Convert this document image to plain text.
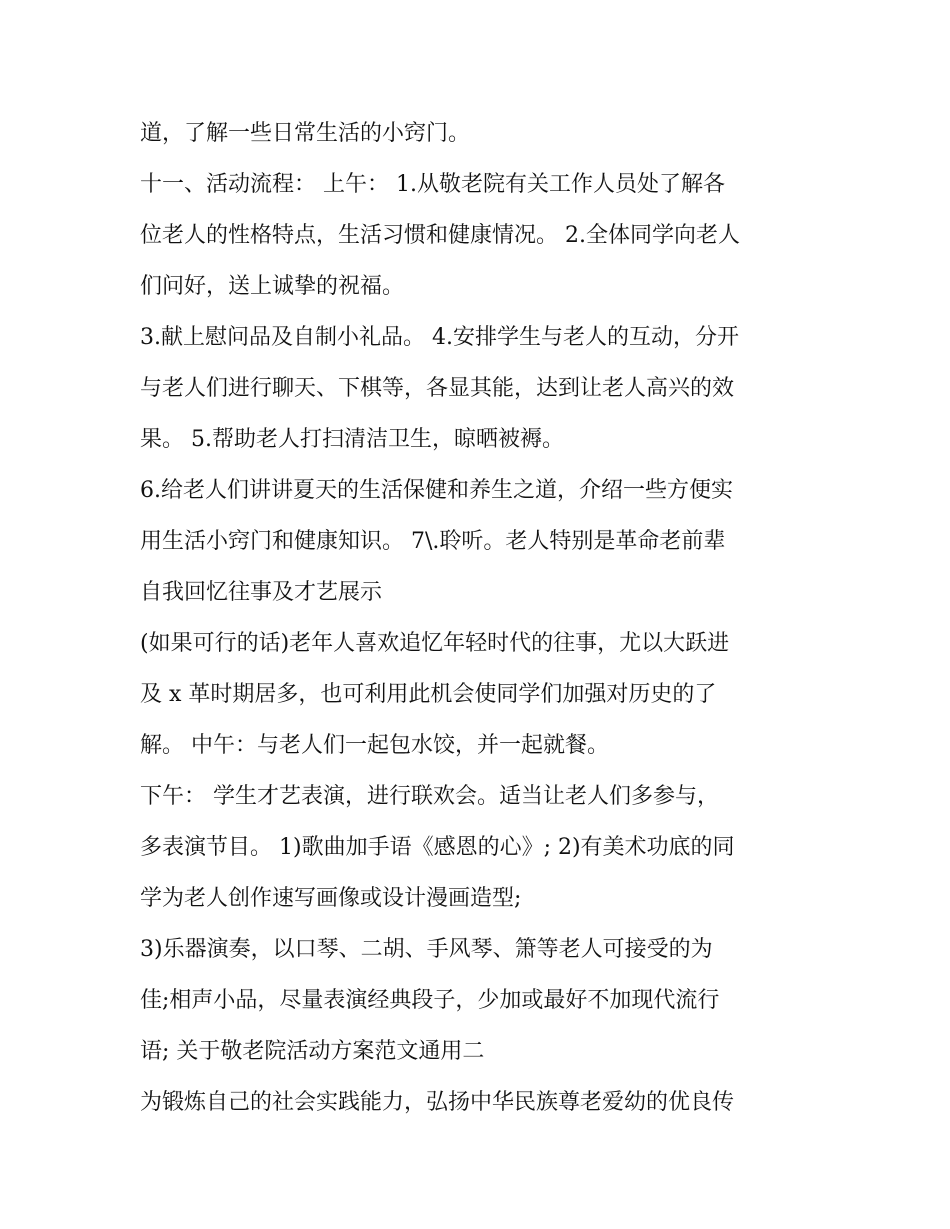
道，了解一些日常生活的小窍门。
十一、活动流程： 上午： 1.从敬老院有关工作人员处了解各
位老人的性格特点，生活习惯和健康情况。 2.全体同学向老人
们问好，送上诚挚的祝福。
3.献上慰问品及自制小礼品。 4.安排学生与老人的互动，分开
与老人们进行聊天、下棋等，各显其能，达到让老人高兴的效
果。 5.帮助老人打扫清洁卫生，晾晒被褥。
6.给老人们讲讲夏天的生活保健和养生之道，介绍一些方便实
用生活小窍门和健康知识。 7\.聆听。老人特别是革命老前辈
自我回忆往事及才艺展示
(如果可行的话)老年人喜欢追忆年轻时代的往事，尤以大跃进
及 x 革时期居多，也可利用此机会使同学们加强对历史的了
解。 中午：与老人们一起包水饺，并一起就餐。
下午： 学生才艺表演，进行联欢会。适当让老人们多参与，
多表演节目。 1)歌曲加手语《感恩的心》; 2)有美术功底的同
学为老人创作速写画像或设计漫画造型;
3)乐器演奏，以口琴、二胡、手风琴、箫等老人可接受的为
佳;相声小品，尽量表演经典段子，少加或最好不加现代流行
语; 关于敬老院活动方案范文通用二
为锻炼自己的社会实践能力，弘扬中华民族尊老爱幼的优良传
